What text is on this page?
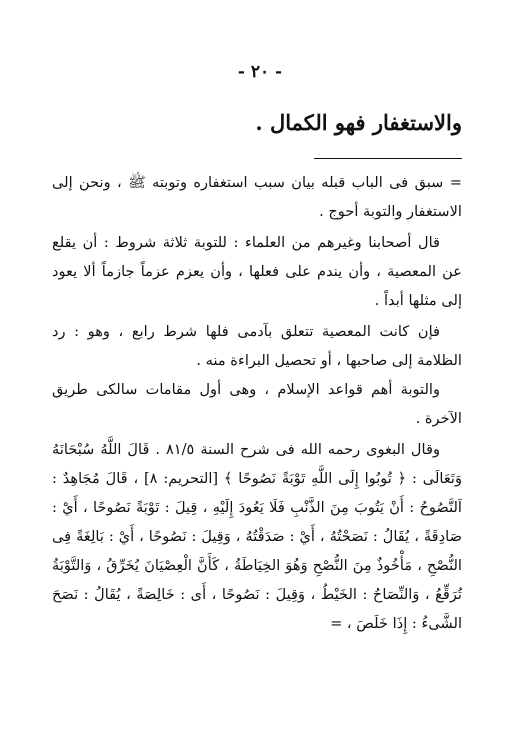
- ٢٠ -
والاستغفار فهو الكمال .

= سبق فى الباب قبله بيان سبب استغفاره وتوبته ﷺ ، ونحن إلى الاستغفار والتوبة أحوج .

قال أصحابنا وغيرهم من العلماء : للتوبة ثلاثة شروط : أن يقلع عن المعصية ، وأن يندم على فعلها ، وأن يعزم عزماً جازماً ألا يعود إلى مثلها أبداً .

فإن كانت المعصية تتعلق بآدمى فلها شرط رابع ، وهو : رد الظلامة إلى صاحبها ، أو تحصيل البراءة منه .

والتوبة أهم قواعد الإسلام ، وهى أول مقامات سالكى طريق الآخرة .

وقال البغوى رحمه الله فى شرح السنة ٨١/٥ . قَالَ اللَّهُ سُبْحَانَهُ وَتَعَالَى : ﴿ تُوبُوا إِلَى اللَّهِ تَوْبَةً نَصُوحًا ﴾ [التحريم: ٨] ، قَالَ مُجَاهِدٌ : اَلنَّصُوحُ : أَنْ يَتُوبَ مِنَ الذَّنْبِ فَلَا يَعُودَ إِلَيْهِ ، قِيلَ : تَوْبَةً نَصُوحًا ، أَيْ : صَادِقَةً ، يُقَالُ : نَصَحْتُهُ ، أَيْ : صَدَقْتُهُ ، وَقِيلَ : نَصُوحًا ، أَيْ : بَالِغَةً فِى النُّصْحِ ، مَأْخُوذٌ مِنَ النُّصْحِ وَهُوَ الخِيَاطَةُ ، كَأَنَّ الْعِصْيَانَ يُخَرِّقُ ، وَالتَّوْبَةُ تُرَقِّعُ ، وَالنِّصَاحُ : الخَيْطُ ، وَقِيلَ : نَصُوحًا ، أَى : خَالِصَةً ، يُقَالُ : نَصَحَ الشَّىءُ : إِذَا خَلَصَ ، =
